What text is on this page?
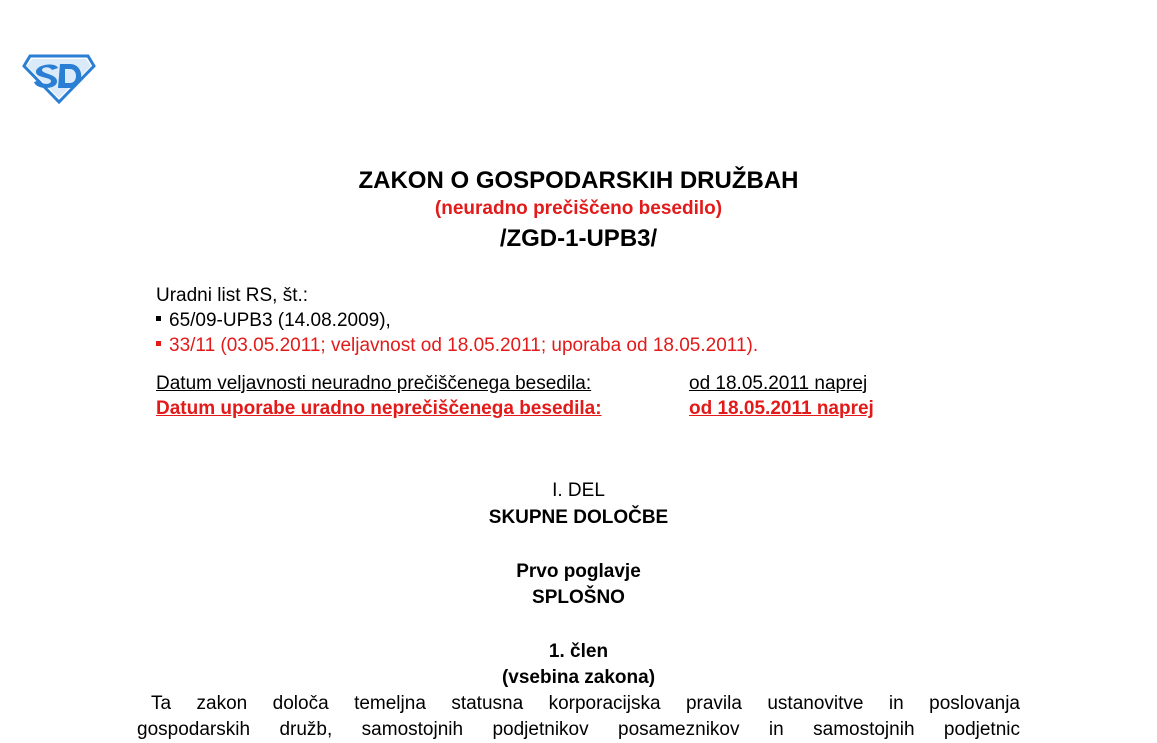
ZAKON O GOSPODARSKIH DRUŽBAH
(neuradno prečiščeno besedilo)
/ZGD-1-UPB3/
Uradni list RS, št.:
65/09-UPB3 (14.08.2009),
33/11 (03.05.2011; veljavnost od 18.05.2011; uporaba od 18.05.2011).
Datum veljavnosti neuradno prečiščenega besedila:	od 18.05.2011 naprej
Datum uporabe uradno neprečiščenega besedila:	od 18.05.2011 naprej
I. DEL
SKUPNE DOLOČBE
Prvo poglavje
SPLOŠNO
1. člen
(vsebina zakona)
Ta zakon določa temeljna statusna korporacijska pravila ustanovitve in poslovanja
gospodarskih družb, samostojnih podjetnikov posameznikov in samostojnih podjetnic
